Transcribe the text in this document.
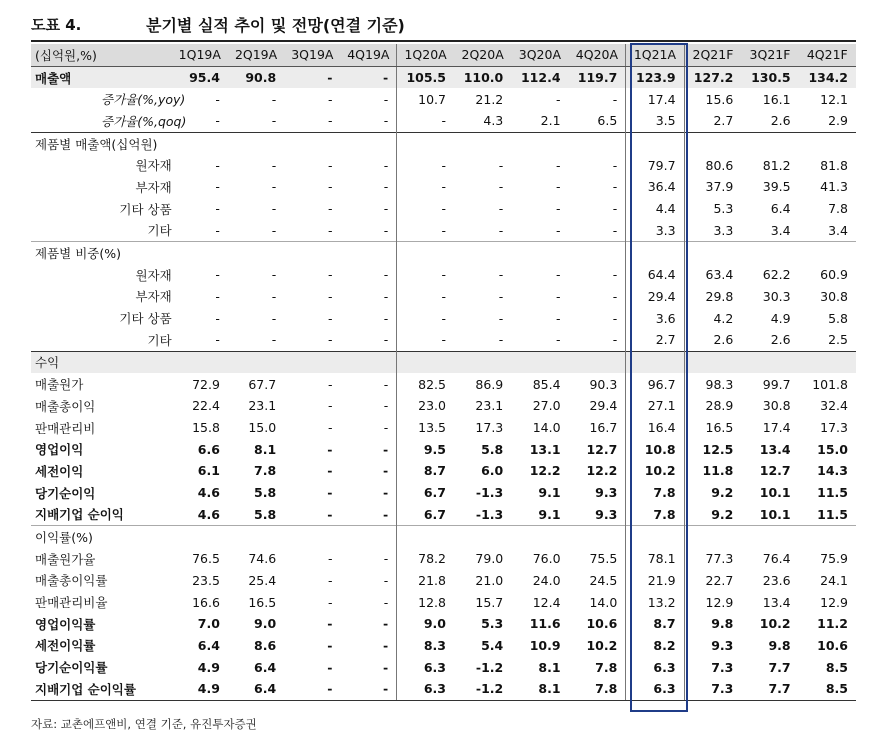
도표 4.	분기별 실적 추이 및 전망(연결 기준)
(십억원,%)	1Q19A	2Q19A	3Q19A	4Q19A	1Q20A	2Q20A	3Q20A	4Q20A	1Q21A	2Q21F	3Q21F	4Q21F
매출액	95.4	90.8	-	-	105.5	110.0	112.4	119.7	123.9	127.2	130.5	134.2
증가율(%,yoy)	-	-	-	-	10.7	21.2	-	-	17.4	15.6	16.1	12.1
증가율(%,qoq)	-	-	-	-	-	4.3	2.1	6.5	3.5	2.7	2.6	2.9
제품별 매출액(십억원)												
원자재	-	-	-	-	-	-	-	-	79.7	80.6	81.2	81.8
부자재	-	-	-	-	-	-	-	-	36.4	37.9	39.5	41.3
기타 상품	-	-	-	-	-	-	-	-	4.4	5.3	6.4	7.8
기타	-	-	-	-	-	-	-	-	3.3	3.3	3.4	3.4
제품별 비중(%)												
원자재	-	-	-	-	-	-	-	-	64.4	63.4	62.2	60.9
부자재	-	-	-	-	-	-	-	-	29.4	29.8	30.3	30.8
기타 상품	-	-	-	-	-	-	-	-	3.6	4.2	4.9	5.8
기타	-	-	-	-	-	-	-	-	2.7	2.6	2.6	2.5
수익												
매출원가	72.9	67.7	-	-	82.5	86.9	85.4	90.3	96.7	98.3	99.7	101.8
매출총이익	22.4	23.1	-	-	23.0	23.1	27.0	29.4	27.1	28.9	30.8	32.4
판매관리비	15.8	15.0	-	-	13.5	17.3	14.0	16.7	16.4	16.5	17.4	17.3
영업이익	6.6	8.1	-	-	9.5	5.8	13.1	12.7	10.8	12.5	13.4	15.0
세전이익	6.1	7.8	-	-	8.7	6.0	12.2	12.2	10.2	11.8	12.7	14.3
당기순이익	4.6	5.8	-	-	6.7	-1.3	9.1	9.3	7.8	9.2	10.1	11.5
지배기업 순이익	4.6	5.8	-	-	6.7	-1.3	9.1	9.3	7.8	9.2	10.1	11.5
이익률(%)												
매출원가율	76.5	74.6	-	-	78.2	79.0	76.0	75.5	78.1	77.3	76.4	75.9
매출총이익률	23.5	25.4	-	-	21.8	21.0	24.0	24.5	21.9	22.7	23.6	24.1
판매관리비율	16.6	16.5	-	-	12.8	15.7	12.4	14.0	13.2	12.9	13.4	12.9
영업이익률	7.0	9.0	-	-	9.0	5.3	11.6	10.6	8.7	9.8	10.2	11.2
세전이익률	6.4	8.6	-	-	8.3	5.4	10.9	10.2	8.2	9.3	9.8	10.6
당기순이익률	4.9	6.4	-	-	6.3	-1.2	8.1	7.8	6.3	7.3	7.7	8.5
지배기업 순이익률	4.9	6.4	-	-	6.3	-1.2	8.1	7.8	6.3	7.3	7.7	8.5
자료: 교촌에프앤비, 연결 기준, 유진투자증권
